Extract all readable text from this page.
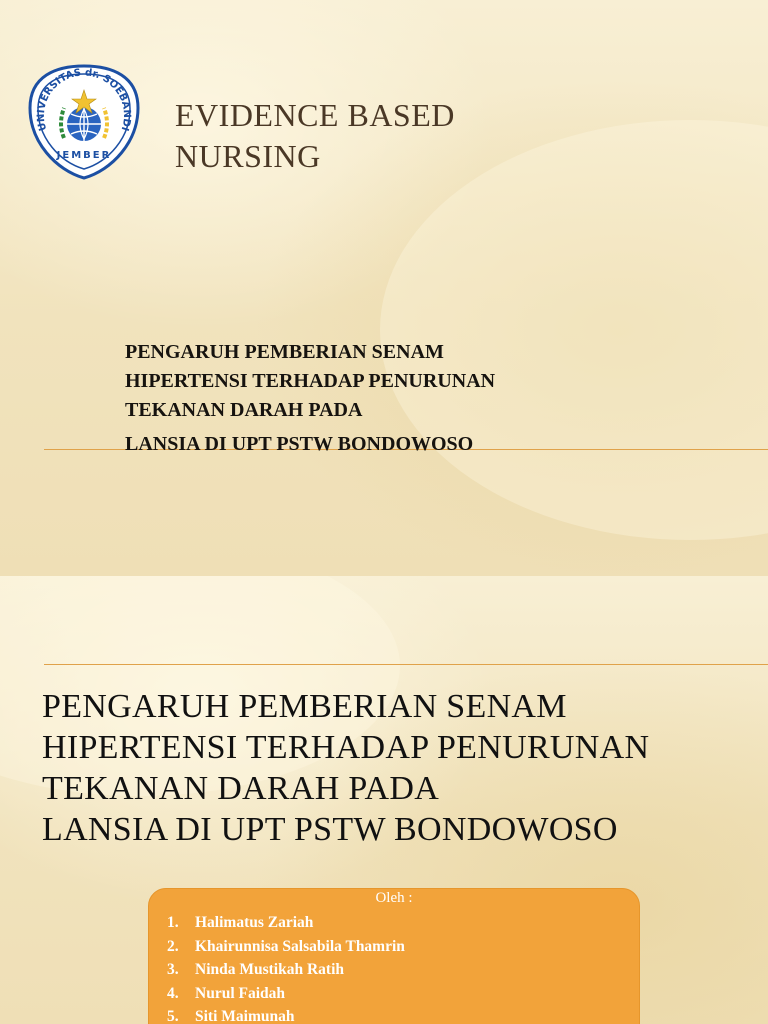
UNIVERSITAS dr. SOEBANDI
JEMBER
EVIDENCE BASED
NURSING
PENGARUH PEMBERIAN SENAM
HIPERTENSI TERHADAP PENURUNAN
TEKANAN DARAH PADA
LANSIA DI UPT PSTW BONDOWOSO
PENGARUH PEMBERIAN SENAM
HIPERTENSI TERHADAP PENURUNAN
TEKANAN DARAH PADA
LANSIA DI UPT PSTW BONDOWOSO
Oleh :
1. Halimatus Zariah
2. Khairunnisa Salsabila Thamrin
3. Ninda Mustikah Ratih
4. Nurul Faidah
5. Siti Maimunah
